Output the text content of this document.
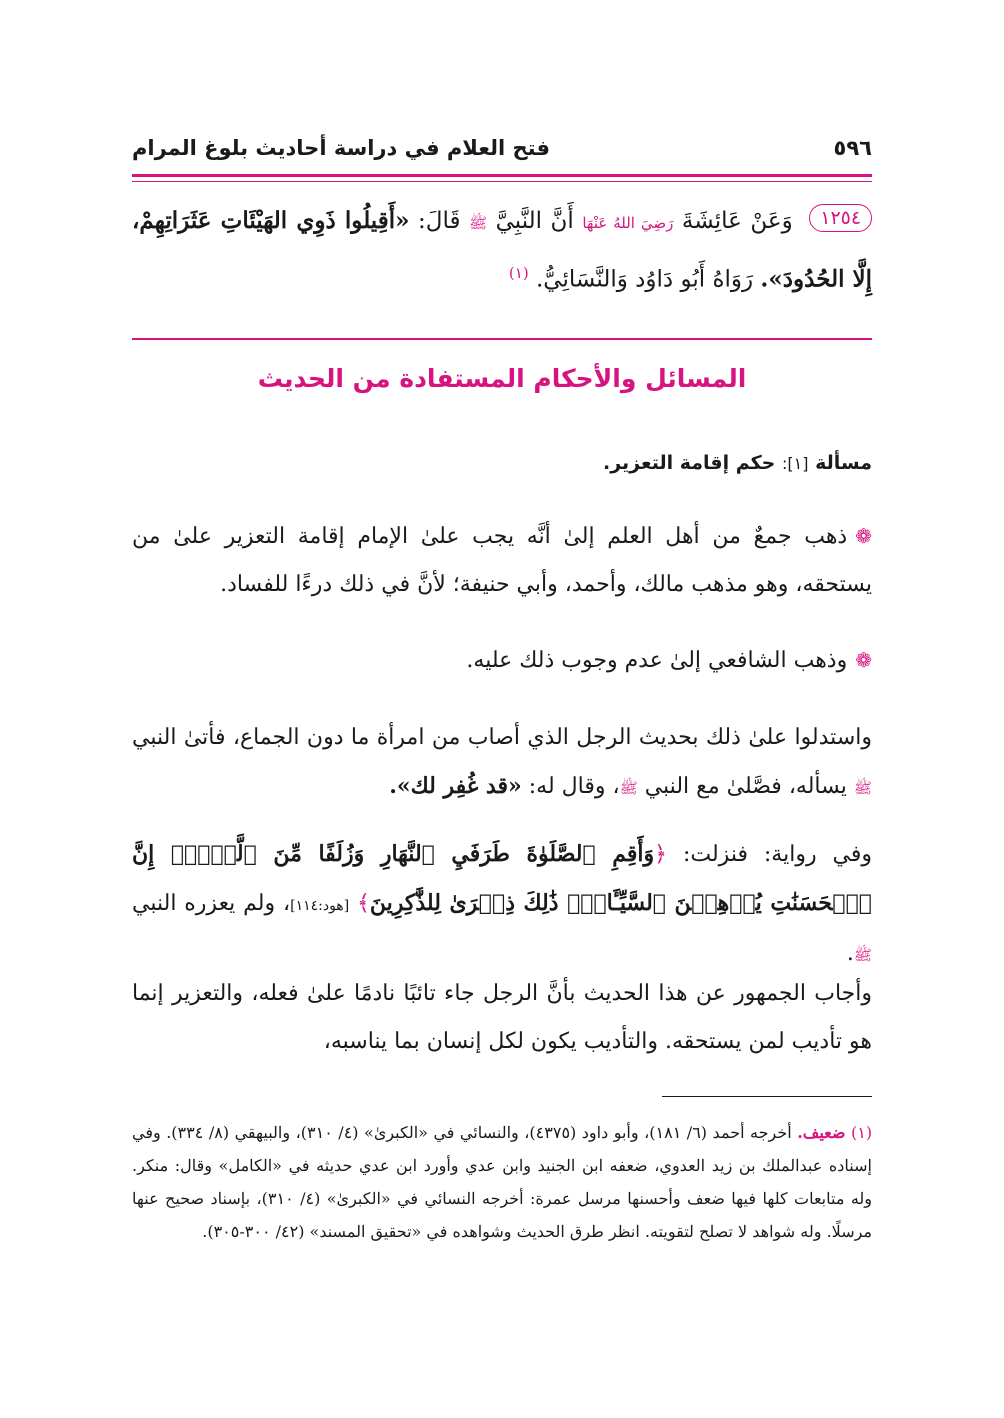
٥٩٦
فتح العلام في دراسة أحاديث بلوغ المرام
١٢٥٤ وَعَنْ عَائِشَةَ رَضِيَ اللهُ عَنْهَا أَنَّ النَّبِيَّ ﷺ قَالَ: «أَقِيلُوا ذَوِي الهَيْئَاتِ عَثَرَاتِهِمْ، إِلَّا الحُدُودَ». رَوَاهُ أَبُو دَاوُد وَالنَّسَائِيُّ. $^{(١)}$
المسائل والأحكام المستفادة من الحديث
مسألة [١]: حكم إقامة التعزير.
❁ذهب جمعٌ من أهل العلم إلىٰ أنَّه يجب علىٰ الإمام إقامة التعزير علىٰ من يستحقه، وهو مذهب مالك، وأحمد، وأبي حنيفة؛ لأنَّ في ذلك درءًا للفساد.
❁وذهب الشافعي إلىٰ عدم وجوب ذلك عليه.
واستدلوا علىٰ ذلك بحديث الرجل الذي أصاب من امرأة ما دون الجماع، فأتىٰ النبي ﷺ يسأله، فصَّلىٰ مع النبي ﷺ، وقال له: «قد غُفِر لك».
وفي رواية: فنزلت: ﴿وَأَقِمِ ٱلصَّلَوٰةَ طَرَفَيِ ٱلنَّهَارِ وَزُلَفًا مِّنَ ٱلَّيۡلِۚ إِنَّ ٱلۡحَسَنَٰتِ يُذۡهِبۡنَ ٱلسَّيِّـَٔاتِۚ ذَٰلِكَ ذِكۡرَىٰ لِلذَّٰكِرِينَ﴾ [هود:١١٤]، ولم يعزره النبي ﷺ.
وأجاب الجمهور عن هذا الحديث بأنَّ الرجل جاء تائبًا نادمًا علىٰ فعله، والتعزير إنما هو تأديب لمن يستحقه. والتأديب يكون لكل إنسان بما يناسبه،
(١) ضعيف. أخرجه أحمد (٦/ ١٨١)، وأبو داود (٤٣٧٥)، والنسائي في «الكبرىٰ» (٤/ ٣١٠)، والبيهقي (٨/ ٣٣٤). وفي إسناده عبدالملك بن زيد العدوي، ضعفه ابن الجنيد وابن عدي وأورد ابن عدي حديثه في «الكامل» وقال: منكر. وله متابعات كلها فيها ضعف وأحسنها مرسل عمرة: أخرجه النسائي في «الكبرىٰ» (٤/ ٣١٠)، بإسناد صحيح عنها مرسلًا. وله شواهد لا تصلح لتقويته. انظر طرق الحديث وشواهده في «تحقيق المسند» (٤٢/ ٣٠٠-٣٠٥).
